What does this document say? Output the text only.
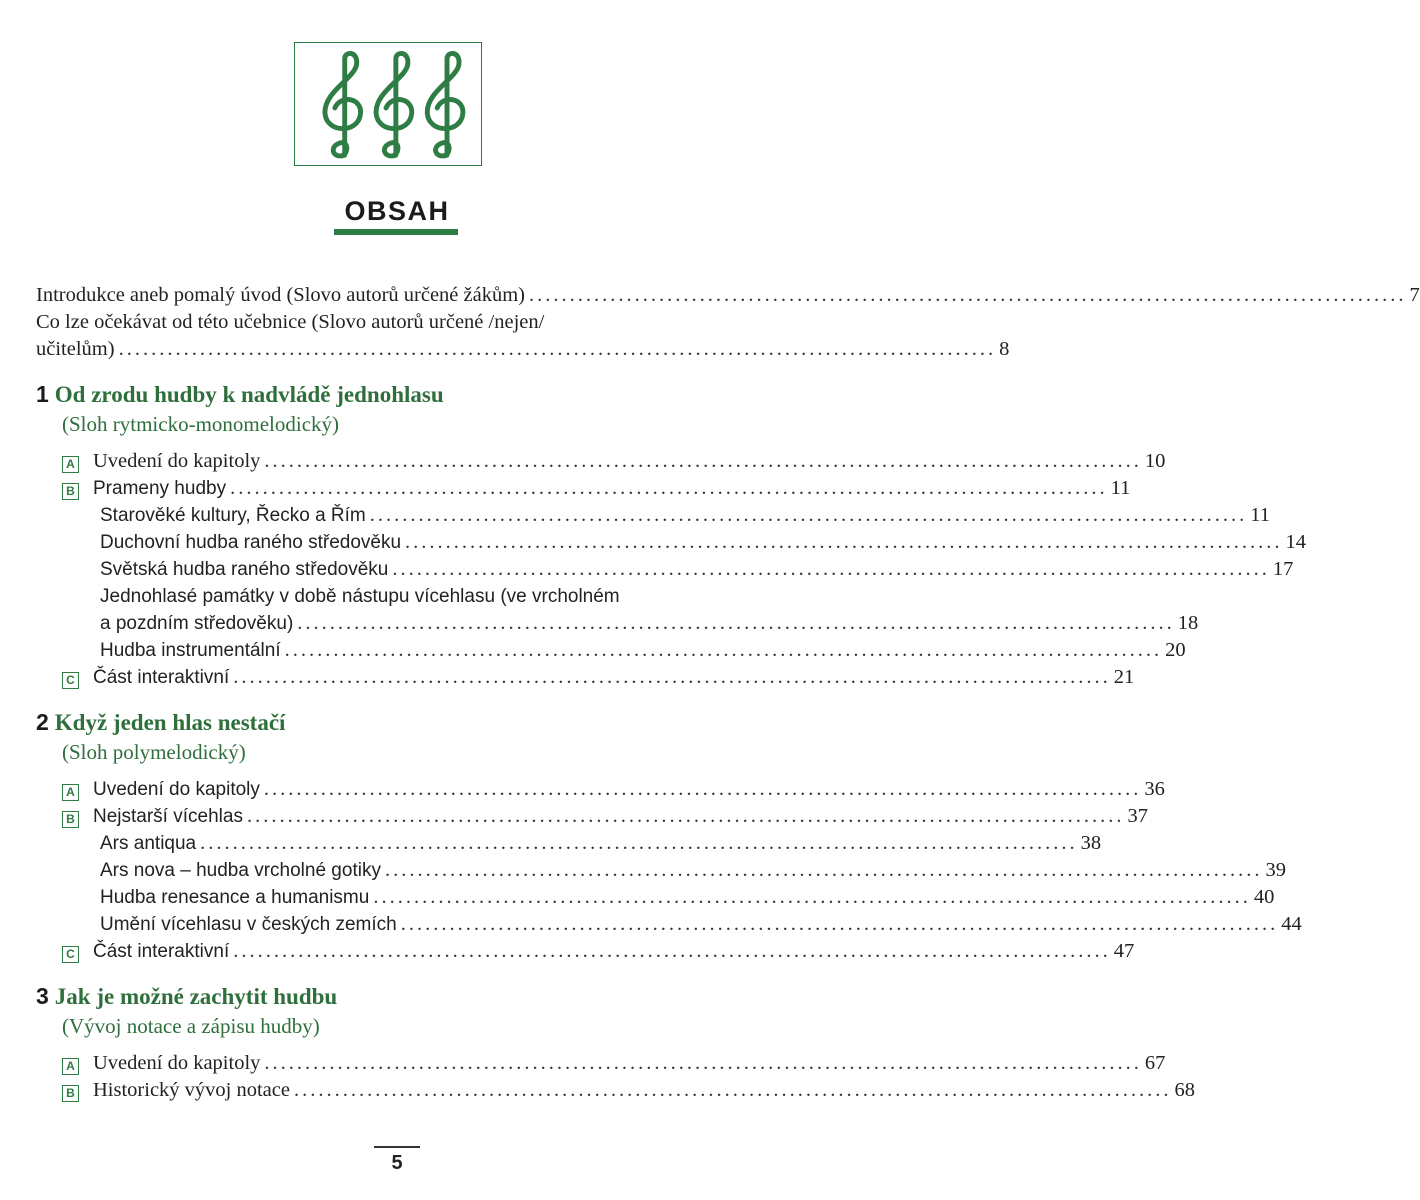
OBSAH
Introdukce aneb pomalý úvod (Slovo autorů určené žákům) ............................................................................................................ 7
Co lze očekávat od této učebnice (Slovo autorů určené /nejen/
učitelům) ............................................................................................................ 8
1 Od zrodu hudby k nadvládě jednohlasu
(Sloh rytmicko-monomelodický)
A Uvedení do kapitoly ............................................................................................................ 10
B Prameny hudby ............................................................................................................ 11
Starověké kultury, Řecko a Řím ............................................................................................................ 11
Duchovní hudba raného středověku ............................................................................................................ 14
Světská hudba raného středověku ............................................................................................................ 17
Jednohlasé památky v době nástupu vícehlasu (ve vrcholném
a pozdním středověku) ............................................................................................................ 18
Hudba instrumentální ............................................................................................................ 20
C Část interaktivní ............................................................................................................ 21
2 Když jeden hlas nestačí
(Sloh polymelodický)
A Uvedení do kapitoly ............................................................................................................ 36
B Nejstarší vícehlas ............................................................................................................ 37
Ars antiqua ............................................................................................................ 38
Ars nova – hudba vrcholné gotiky ............................................................................................................ 39
Hudba renesance a humanismu ............................................................................................................ 40
Umění vícehlasu v českých zemích ............................................................................................................ 44
C Část interaktivní ............................................................................................................ 47
3 Jak je možné zachytit hudbu
(Vývoj notace a zápisu hudby)
A Uvedení do kapitoly ............................................................................................................ 67
B Historický vývoj notace ............................................................................................................ 68
5
